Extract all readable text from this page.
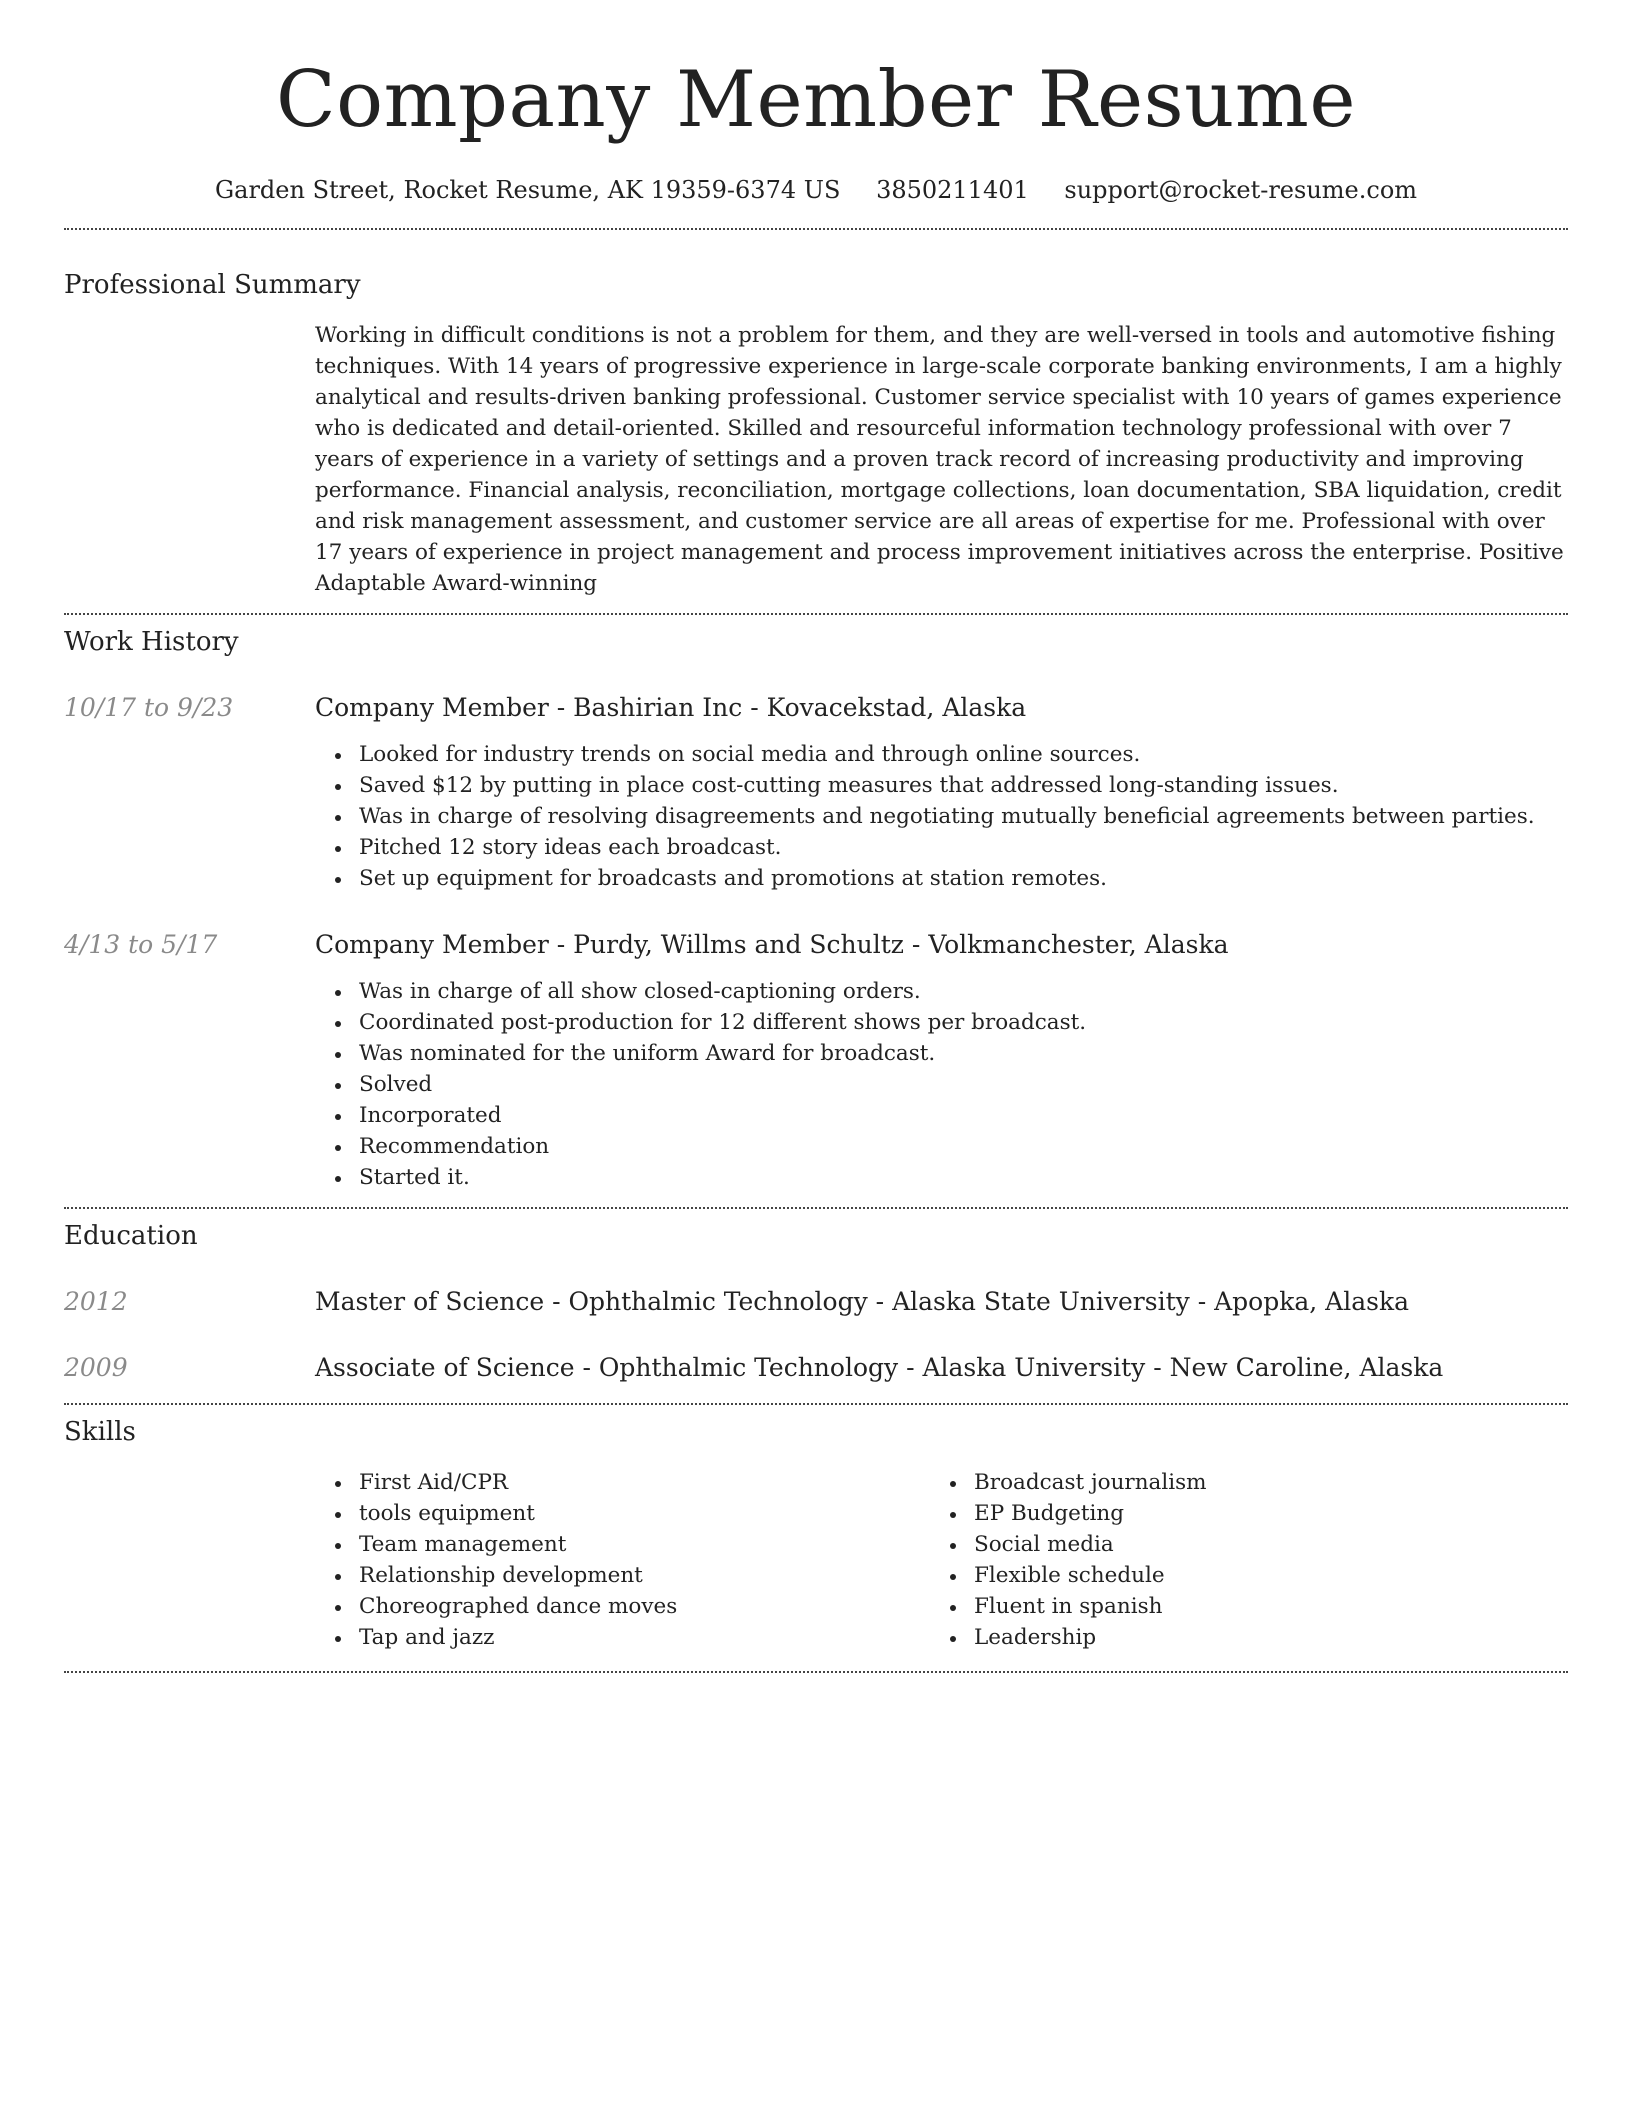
Company Member Resume
Garden Street, Rocket Resume, AK 19359-6374 US 3850211401 support@rocket-resume.com
Professional Summary
Working in difficult conditions is not a problem for them, and they are well-versed in tools and automotive fishing techniques. With 14 years of progressive experience in large-scale corporate banking environments, I am a highly analytical and results-driven banking professional. Customer service specialist with 10 years of games experience who is dedicated and detail-oriented. Skilled and resourceful information technology professional with over 7 years of experience in a variety of settings and a proven track record of increasing productivity and improving performance. Financial analysis, reconciliation, mortgage collections, loan documentation, SBA liquidation, credit and risk management assessment, and customer service are all areas of expertise for me. Professional with over 17 years of experience in project management and process improvement initiatives across the enterprise. Positive Adaptable Award-winning
Work History
10/17 to 9/23	Company Member - Bashirian Inc - Kovacekstad, Alaska
Looked for industry trends on social media and through online sources.
Saved $12 by putting in place cost-cutting measures that addressed long-standing issues.
Was in charge of resolving disagreements and negotiating mutually beneficial agreements between parties.
Pitched 12 story ideas each broadcast.
Set up equipment for broadcasts and promotions at station remotes.
4/13 to 5/17	Company Member - Purdy, Willms and Schultz - Volkmanchester, Alaska
Was in charge of all show closed-captioning orders.
Coordinated post-production for 12 different shows per broadcast.
Was nominated for the uniform Award for broadcast.
Solved
Incorporated
Recommendation
Started it.
Education
2012	Master of Science - Ophthalmic Technology - Alaska State University - Apopka, Alaska
2009	Associate of Science - Ophthalmic Technology - Alaska University - New Caroline, Alaska
Skills
First Aid/CPR
tools equipment
Team management
Relationship development
Choreographed dance moves
Tap and jazz
Broadcast journalism
EP Budgeting
Social media
Flexible schedule
Fluent in spanish
Leadership
